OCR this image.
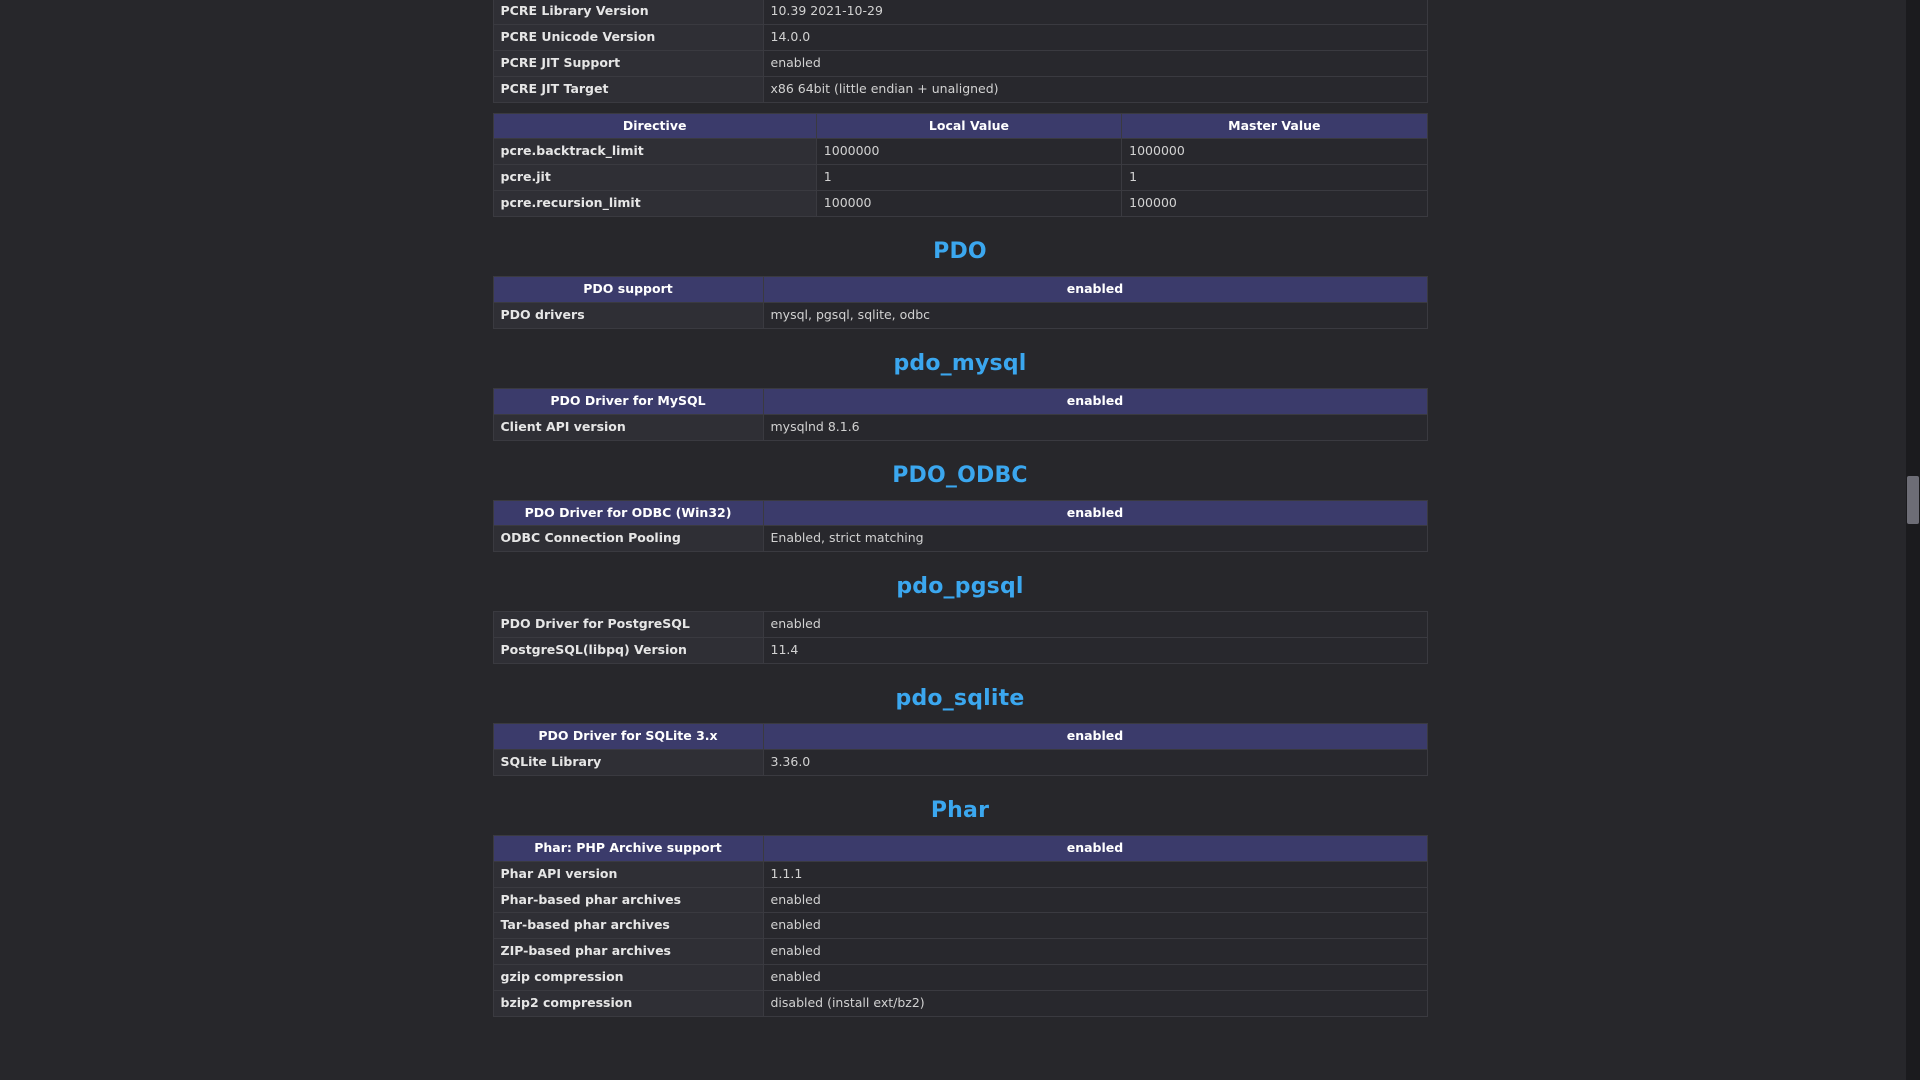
PCRE Library Version	10.39 2021-10-29
PCRE Unicode Version	14.0.0
PCRE JIT Support	enabled
PCRE JIT Target	x86 64bit (little endian + unaligned)
Directive	Local Value	Master Value
pcre.backtrack_limit	1000000	1000000
pcre.jit	1	1
pcre.recursion_limit	100000	100000
PDO
PDO support	enabled
PDO drivers	mysql, pgsql, sqlite, odbc
pdo_mysql
PDO Driver for MySQL	enabled
Client API version	mysqlnd 8.1.6
PDO_ODBC
PDO Driver for ODBC (Win32)	enabled
ODBC Connection Pooling	Enabled, strict matching
pdo_pgsql
PDO Driver for PostgreSQL	enabled
PostgreSQL(libpq) Version	11.4
pdo_sqlite
PDO Driver for SQLite 3.x	enabled
SQLite Library	3.36.0
Phar
Phar: PHP Archive support	enabled
Phar API version	1.1.1
Phar-based phar archives	enabled
Tar-based phar archives	enabled
ZIP-based phar archives	enabled
gzip compression	enabled
bzip2 compression	disabled (install ext/bz2)
